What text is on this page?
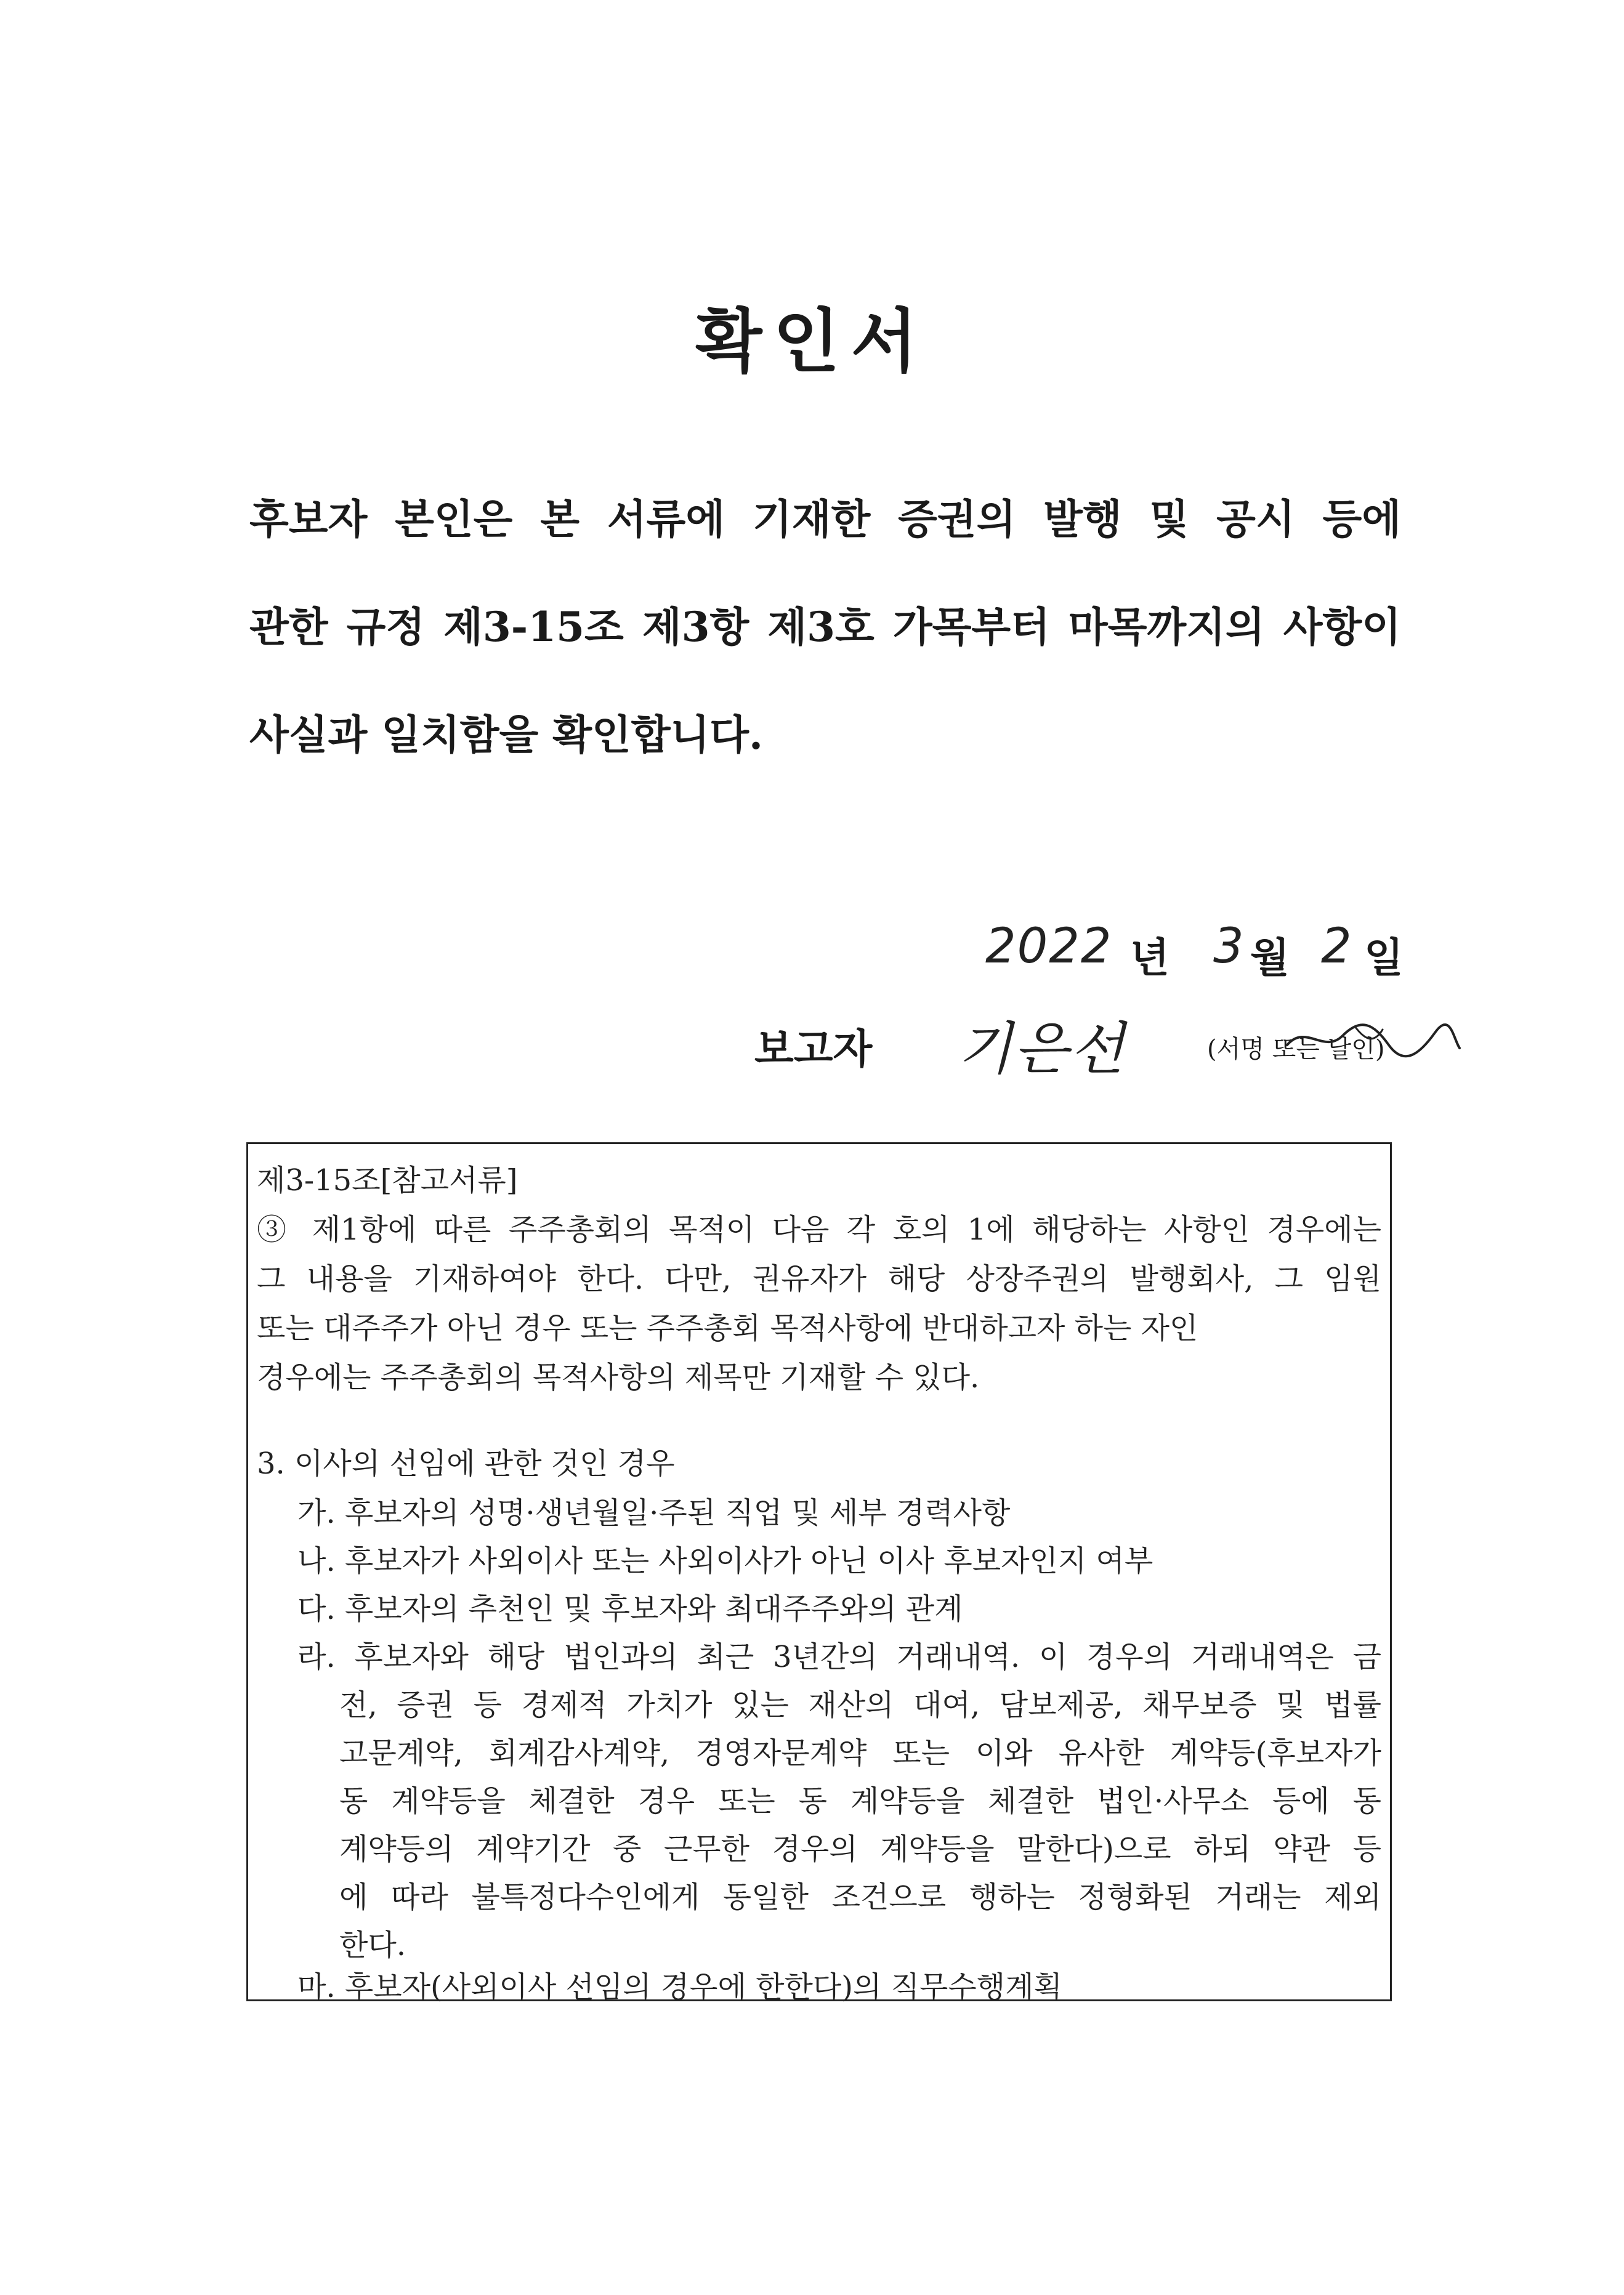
확인서
후보자 본인은 본 서류에 기재한 증권의 발행 및 공시 등에
관한 규정 제3-15조 제3항 제3호 가목부터 마목까지의 사항이
사실과 일치함을 확인합니다.
2022 년 3 월 2 일
보고자 기은선	(서명 또는 날인)
제3-15조[참고서류]
③ 제1항에 따른 주주총회의 목적이 다음 각 호의 1에 해당하는 사항인 경우에는
그 내용을 기재하여야 한다. 다만, 권유자가 해당 상장주권의 발행회사, 그 임원
또는 대주주가 아닌 경우 또는 주주총회 목적사항에 반대하고자 하는 자인
경우에는 주주총회의 목적사항의 제목만 기재할 수 있다.
3. 이사의 선임에 관한 것인 경우
가. 후보자의 성명·생년월일·주된 직업 및 세부 경력사항
나. 후보자가 사외이사 또는 사외이사가 아닌 이사 후보자인지 여부
다. 후보자의 추천인 및 후보자와 최대주주와의 관계
라. 후보자와 해당 법인과의 최근 3년간의 거래내역. 이 경우의 거래내역은 금
전, 증권 등 경제적 가치가 있는 재산의 대여, 담보제공, 채무보증 및 법률
고문계약, 회계감사계약, 경영자문계약 또는 이와 유사한 계약등(후보자가
동 계약등을 체결한 경우 또는 동 계약등을 체결한 법인·사무소 등에 동
계약등의 계약기간 중 근무한 경우의 계약등을 말한다)으로 하되 약관 등
에 따라 불특정다수인에게 동일한 조건으로 행하는 정형화된 거래는 제외
한다.
마. 후보자(사외이사 선임의 경우에 한한다)의 직무수행계획
